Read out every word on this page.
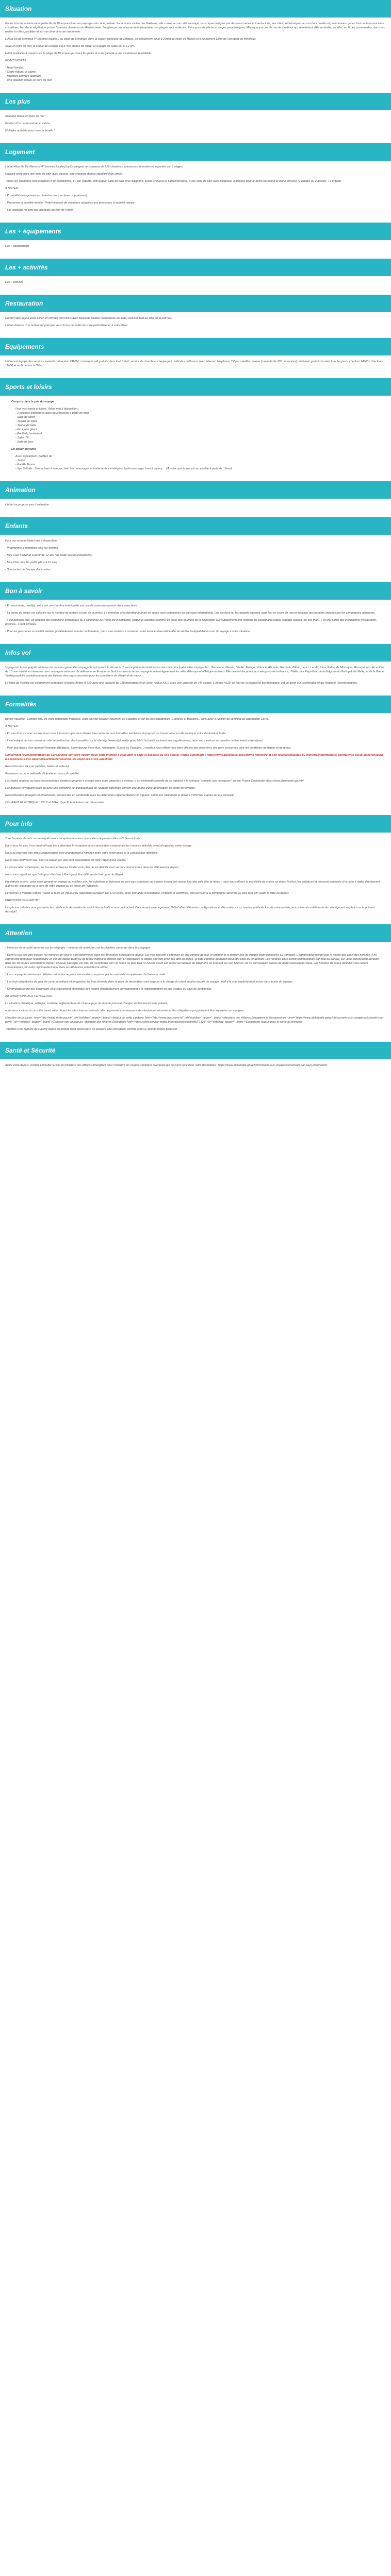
Situation

Portez à la découverte de la petite île de Minorque et de ses paysages de carte postale. Sa la moins visitée des Baléares, elle conserve son côté sauvage, ses criques intègres par des eaux vertes et translucides, ses sites préhistoriques aux rochers ciselés et patrimoniaux qui en font un écrin aux eaux cristallines, lieu d'une végétation qui est l'une des dernières de Méditerranée. Longtemps une réserve de la biosphère, ses plages sont sublimes. Entre ports de pêche et plages paradisiaques, Minorque est une de ces destinations qui se méritent. Elle se révèle, en effet, au fil des promenades, dans ses ruelles et villes paisibles et sur ses itinéraires de randonnée.

L'Alua Illa de Menorca 4* (normes locales), au cœur de Minorque dans la station balnéaire de Erbigue, est idéalement situé à 20min de route de Mahon et à seulement 13km de l'aéroport de Minorque.

Situé en front de mer, la crique de Erbigue est à 400 mètres de l'hôtel et la plage de sable est à 1,2 km.

Hôtel familial tout compris sur la plage de Minorque qui ravira les petits et vous garantit a une expérience inoubliable.

POINTS FORTS :

- Hôtel familial
- Cadre naturel et calme
- Multiples activités sportives
- Une situation idéale en bord de mer
Les plus

Situation idéale en bord de mer

Profitez d'un cadre naturel et calme

Multiples activités pour toute la famille !

Logement

L'hôtel Alua Illa De Menorca 4* (normes locales) by Óceangest se compose de 228 chambres spacieuses et modernes réparties sur 3 étages.

Ouvrant entre elles une salle de bain avec douche, une chambre double standard (vue jardin).

Toutes les chambres sont équipées d'air conditionné, TV par satellite, Wifi gratuit, salle de bain avec baignoire, sèche-cheveux et balcon/terrasse, d'une salle de bain avec baignoire. Il dispose pour le 3ème personne et d'une terrasse (2 adultes ou 2 adultes + 1 enfant).

À NOTER :

- Possibilité de logement en chambre vue mer (avec supplément).

- Personnes à mobilité réduite : l'hôtel dispose de chambres adaptées aux personnes à mobilité réduite.

- Les animaux ne sont pas acceptés au sein de l'hôtel.

Les + équipements

Les + équipements

Les + activités

Les + activités

Restauration

Durant votre séjour vous serez en formule tout inclus avec boissons locales (alcoolisées ou softs) incluses tout au long de la journée.

L'hôtel dispose d'un restaurant principal sous forme de buffet de votre petit-déjeuner à votre dîner.

Equipements

L'hôtel est équipé des services suivants : réception 24h/24, connexion wifi gratuite dans tout l'hôtel, service de chambres chaque jour, salle de conférence avec Internet, téléphone, TV par satellite, bateau (capacité de 100 personnes), mini-train gratuit circulant tous les jours, check-in 14h00 / check-out 12h00 et arrêt de bus à 150m.

Sports et loisirs
• Compris dans le prix du voyage
Pour vos sports et loisirs, l'hôtel met à disposition :
- 2 piscines extérieures dans deux bassins à partir de mai)
- Salle de sport
- Terrain de sport
- Tennis de table
- Echiquier géant
- Football, basketball
- Salon TV
- Salle de jeux
• En option payante
Avec supplément, profitez de :
- Tennis
- Paddle Tennis
- Spa 5 étoile : Sauna, bain à remous, bain turc, massages et traitements esthétiques, hydro-massage, bain à vapeur,... (À noter que le spa est accessible à partir de 16ans)
Animation

L'hôtel ne propose pas d'animation.

Enfants

Pour vos enfants l'hôtel met à disposition :

- Programme d'animation pour les enfants

- Mini-Club d'environ à partir de 12 ans (en haute saison uniquement)

- Mini-Club pour les petits (de 4 à 12 ans)

- Spectacles de l'équipe d'animation.

Bon à savoir

- En vous portez seul(e), votre prix en chambre individuelle est calculé automatiquement dans votre devis.

- La durée du séjour est calculée sur le nombre de nuitées et non de journées. La première et la dernière journée de séjour sont consacrées au transport international. Les services ou les départs pourront avoir lieu en cours de nuit en fonction des horaires imposés par les compagnies aériennes.

- Il est possible que, en fonction des conditions climatiques ou à l'affluence de l'hôtel est insuffisante, certaines activités (comme les jeux) être soumise de la disposition aux suppléments par manque de participants requis (aquatic-sacked (80 ans max...), et une partie des installations (restaurants, piscines...) sont fermées.

- Pour les personnes à mobilité réduite, préalablement à toute confirmation, nous vous invitons à contacter notre service réservation afin de vérifier l'adaptabilité ou non du voyage à votre situation.

Infos vol

Voyage est la compagnie aérienne du nouveau génération espagnole qui assure la desserte d'une vingtaine de destinations dans les principales villes espagnoles : Barcelone, Madrid, Séville, Malaga, Valence, Alicante, Grenade, Bilbao, Jerez, Lerida, Ibiza, Palma de Minorque, Minorque etc. En entrée de 10 une totalité est devenue une compagnie aérienne de référence en Europe du Sud. Les avions de la compagnie relient également les villes d'Europe et d'Afrique du Nord. Elle dessert les principaux aéroports de la France, d'Italie, des Pays-Bas, de la Belgique du Portugal, de Malte, et de la Grèce. Vueling exploite quotidiennement des liaisons des pays concernés pour les conditions de départ et de retour.

La flotte de Vueling est uniquement composée d'avions Airbus A-320 avec une capacité de 180 passagers et un avion Airbus A319 avec une capacité de 144 sièges. L'Airbus A320, un leur de la recherche technologique, est un avion sûr, confortable et qui respecte l'environnement.

Formalités

Bonne nouvelle : Compte tenu de votre nationalité française, vous pouvez voyager librement en Espagne et sur les îles espagnoles (Canaries et Baléares), sans avoir à justifier de certificat de vaccination Covid.

À NOTER :

- En cas d'un vol avec escale, nous vous informons que vous devrez être conforme aux formalités sanitaires du pays où se trouve votre escale ainsi que votre destination finale.

- Il est indiqué de vous rendre au site de la direction des formalités sur le site http://www.diplomatie.gouv.fr/fr/ L'actualité évoluant très régulièrement, nous vous invitons à consulter ce lien avant votre départ.

- Pour tout départ d'un aéroport frontalier (Belgique, Luxembourg, Pays-Bas, Allemagne, Suisse ou Espagne...) veuillez vous référer aux sites officiels des ministères des pays concernés pour les conditions de départ et de retour.

Concernant l'évolution/impact du Coronavirus sur votre séjour, nous vous invitons à consulter la page ci-dessous du site officiel France Diplomatie : https://www.diplomatie.gouv.fr/fr/le-ministere-et-son-reseau/actualites-du-ministere/informations-coronavirus-covid-19/coronavirus-les-reponses-a-vos-questions/article/coronavirus-les-reponses-a-vos-questions

Ressortissants français (adultes, bébés et enfants) :

Passeport ou carte nationale d'identité en cours de validité.

Les règles relatives au franchissement des frontières propres à chaque pays étant amenées à évoluer, il est vivement conseillé de se reporter à la rubrique "conseils aux voyageurs" du site France Diplomatie https://www.diplomatie.gouv.fr/.

Les mineurs voyageant seuls ou avec une personne ne disposant pas de l'autorité parentale doivent être munis d'une autorisation de sortie de territoire.

Ressortissants étrangers et binationaux, doivent être en conformité avec les différentes réglementations en vigueur, selon leur nationalité et doivent s'informer auprès de leur consulat.

COURANT ÉLECTRIQUE : 230 V et 50Hz. Type F. Adaptateur non nécessaire.

Pour info

Tous horaires de vols communiqués avant réception de votre convocation ne peuvent être qu'à titre indicatif.

Dans tous les cas, il est impératif que vous attendiez la réception de la convocation comprenant les horaires définitifs avant d'organiser votre voyage.

Nous ne pouvons être tenus responsables d'un changement d'horaires entre votre réservation et la convocation définitive.

Nous vous informons que, pour ce séjour, les vols sont susceptibles de faire l'objet d'une escale.

La convocation à l'aéroport, les horaires et heures locales et le plan de vol définitif vous seront communiqués dans les 48h avant le départ.

Nous vous signalons que l'aéroport d'arrivée à Paris peut être différent de l'aéroport de départ.

Prestations à bord : pour vous garantir un voyage au meilleur prix, les collations et boissons ne sont pas comprises au service à bord des avions lors des vols aller et retour ; nous vous offrons la possibilité de choisir un écran fixe/lcd (les collations et boissons proposés à la carte à régler directement auprès de l'équipage ou à bord de votre voyage ou en tenue de l'appareil).

Personnes à mobilité réduite : selon le texte en vigueur du règlement européen EU 1107/2006, toute demande d'assistance, l'hôtelier et confirmée, doit parvenir à la compagnie aérienne au plus tard 48h avant la date du départ.

PRÉCISION DESCRIPTIF :

Les photos utilisées pour présenter les hôtels et la destination le sont à titre indicatif et non contractuel. Concernant votre logement, l'hôtel offre différentes configurations et décorations. La chambre attribuée lors de votre arrivée pourra être ainsi différente de celle figurant en photo sur le présent descriptif.

Attention

* Mesures de sécurité aérienne sur les bagages : mesures de restriction sur les liquides contenus dans les bagages

* Dans le cas des vols charter, les horaires de vous ci sont déterminés dans les 48 heures précédant le départ. Les vols peuvent s'effectuer de jour comme de nuit, le premier et le dernier jour du voyage étant consacrés au transport. L'organisateur n'étant pas le maître des choix des horaires, il ne saurait être tenu pour responsable en cas de départ tardif ou de retour matinal le dernier jour. En particulier, le départ pouvant avoir lieu tard en soirée, la date effective du départ peut être celle du lendemain. Les horaires vous seront communiqués par mail ou par fax, sur votre convocation aéroport dans les 48 heures précédant le départ. Chaque passager est tenu de reconfirmer son vol retour au plus tard 72 heures avant son retour au numéro de téléphone se trouvant sur son billet ou sur sa convocation auprès de notre représentant local. Les horaires de retour définitifs vous seront communiqués par notre représentant local dans les 48 heures précédant le retour.

* Les compagnies aériennes utilisées ont toutes reçu les autorisations requises par les autorités compétentes de l'aviation civile.

* Les frais obligatoires de visa, de carte touristique et en général les frais d'entrée dans le pays de destination sont toujours à la charge du client en plus du prix du voyage, sauf s'ils sont explicitement inclus dans le prix du voyage.

* Chronologie/ordre des excursions et le classement touristique des modes d'hébergement correspondent à la réglementation ou aux usages du pays de destination.

INFORMATIONS AUX VOYAGEURS :

La situation climatique, politique, sanitaire, réglementaire de chaque pays du monde pouvant changer subitement et sans préavis,

nous vous invitons à consulter avant votre départ les sites Internet suivants afin de prendre connaissance des évolutions récentes et des obligations qui pourraient être imposées au voyageur :

Ministère de la Santé : href="http://www.sante.gouv.fr" rel="nofollow" target="_blank">Institut de veille sanitaire, href="http://www.invs.sante.fr/" rel="nofollow" target="_blank">Ministère des Affaires Étrangères et Européennes : href="https://www.diplomatie.gouv.fr/fr/conseils-aux-voyageurs/conseils-par-pays/" rel="nofollow" target="_blank">Conseils aux voyageurs, Ministère des Affaires Étrangères href="https://www.service-public.fr/particuliers/vosdroits/F1323" rel="nofollow" target="_blank">Documents légaux pour la sortie du territoire

Toutefois il est rappelé qu'aucune région du monde n'est aucun pays ne peuvent être considérés comme étant à l'abri du risque terroriste.

Santé et Sécurité

Avant votre départ, veuillez consulter le site du ministère des Affaires étrangères pour connaître les risques sanitaires éventuels qui peuvent concerner votre destination : https://www.diplomatie.gouv.fr/fr/conseils-aux-voyageurs/conseils-par-pays-destination/
